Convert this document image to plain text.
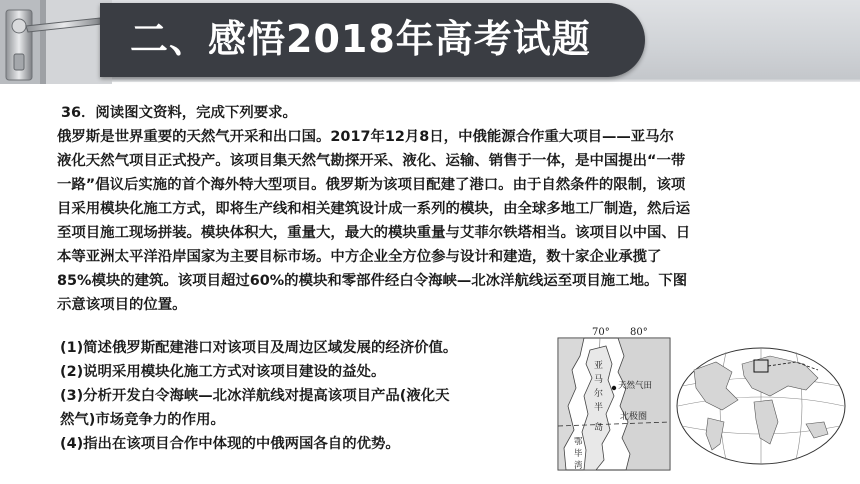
二、感悟2018年高考试题

36．阅读图文资料，完成下列要求。

俄罗斯是世界重要的天然气开采和出口国。2017年12月8日，中俄能源合作重大项目——亚马尔

液化天然气项目正式投产。该项目集天然气勘探开采、液化、运输、销售于一体，是中国提出“一带

一路”倡议后实施的首个海外特大型项目。俄罗斯为该项目配建了港口。由于自然条件的限制，该项

目采用模块化施工方式，即将生产线和相关建筑设计成一系列的模块，由全球多地工厂制造，然后运

至项目施工现场拼装。模块体积大，重量大，最大的模块重量与艾菲尔铁塔相当。该项目以中国、日

本等亚洲太平洋沿岸国家为主要目标市场。中方企业全方位参与设计和建造，数十家企业承揽了

85%模块的建筑。该项目超过60%的模块和零部件经白令海峡—北冰洋航线运至项目施工地。下图

示意该项目的位置。

(1)简述俄罗斯配建港口对该项目及周边区域发展的经济价值。

(2)说明采用模块化施工方式对该项目建设的益处。

(3)分析开发白令海峡—北冰洋航线对提高该项目产品(液化天

然气)市场竞争力的作用。

(4)指出在该项目合作中体现的中俄两国各自的优势。

70° 80°
北极圈
亚
马
尔
半
岛
天然气田
鄂
毕
湾
